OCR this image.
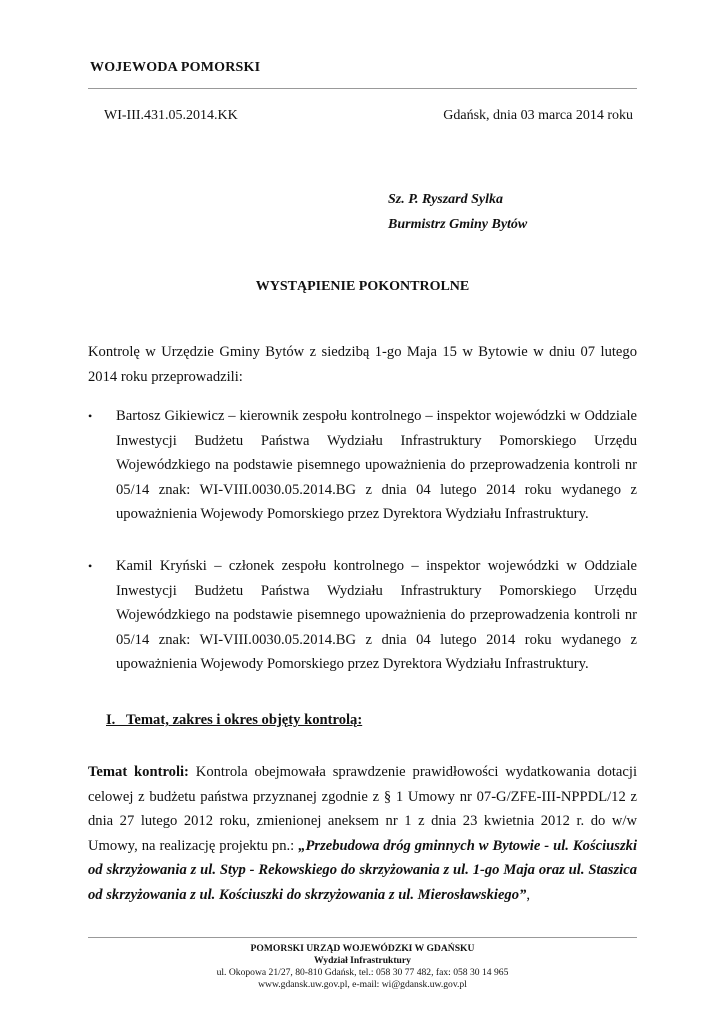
WOJEWODA POMORSKI
WI-III.431.05.2014.KK	Gdańsk, dnia 03 marca 2014 roku
Sz. P. Ryszard Sylka
Burmistrz Gminy Bytów
WYSTĄPIENIE POKONTROLNE
Kontrolę w Urzędzie Gminy Bytów z siedzibą 1-go Maja 15 w Bytowie w dniu 07 lutego 2014 roku przeprowadzili:
•	Bartosz Gikiewicz – kierownik zespołu kontrolnego – inspektor wojewódzki w Oddziale Inwestycji Budżetu Państwa Wydziału Infrastruktury Pomorskiego Urzędu Wojewódzkiego na podstawie pisemnego upoważnienia do przeprowadzenia kontroli nr 05/14 znak: WI-VIII.0030.05.2014.BG z dnia 04 lutego 2014 roku wydanego z upoważnienia Wojewody Pomorskiego przez Dyrektora Wydziału Infrastruktury.
•	Kamil Kryński – członek zespołu kontrolnego – inspektor wojewódzki w Oddziale Inwestycji Budżetu Państwa Wydziału Infrastruktury Pomorskiego Urzędu Wojewódzkiego na podstawie pisemnego upoważnienia do przeprowadzenia kontroli nr 05/14 znak: WI-VIII.0030.05.2014.BG z dnia 04 lutego 2014 roku wydanego z upoważnienia Wojewody Pomorskiego przez Dyrektora Wydziału Infrastruktury.
I.   Temat, zakres i okres objęty kontrolą:
Temat kontroli: Kontrola obejmowała sprawdzenie prawidłowości wydatkowania dotacji celowej z budżetu państwa przyznanej zgodnie z § 1 Umowy nr 07-G/ZFE-III-NPPDL/12 z dnia 27 lutego 2012 roku, zmienionej aneksem nr 1 z dnia 23 kwietnia 2012 r. do w/w Umowy, na realizację projektu pn.: „Przebudowa dróg gminnych w Bytowie - ul. Kościuszki od skrzyżowania z ul. Styp - Rekowskiego do skrzyżowania z ul. 1-go Maja oraz ul. Staszica od skrzyżowania z ul. Kościuszki do skrzyżowania z ul. Mierosławskiego”,
POMORSKI URZĄD WOJEWÓDZKI W GDAŃSKU
Wydział Infrastruktury
ul. Okopowa 21/27, 80-810 Gdańsk, tel.: 058 30 77 482, fax: 058 30 14 965
www.gdansk.uw.gov.pl, e-mail: wi@gdansk.uw.gov.pl
